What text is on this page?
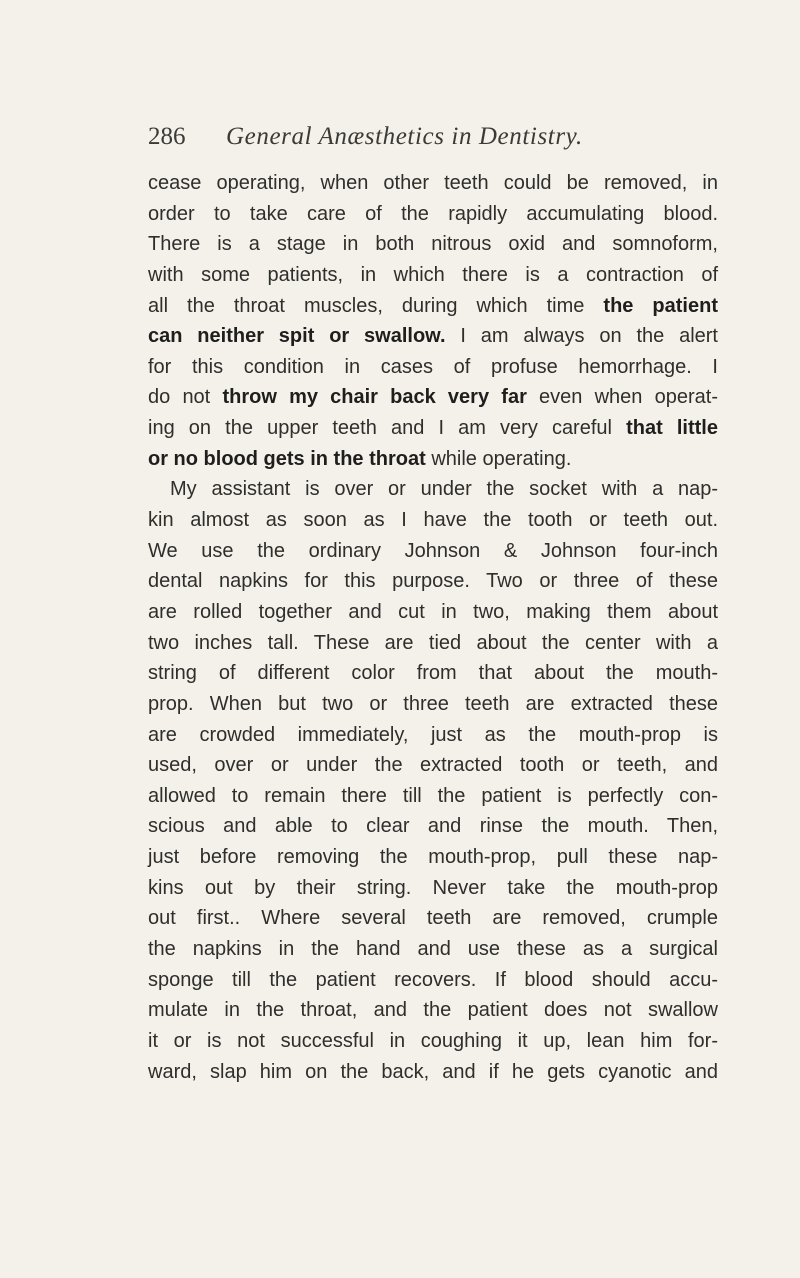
286 General Anæsthetics in Dentistry.
cease operating, when other teeth could be removed, in
order to take care of the rapidly accumulating blood.
There is a stage in both nitrous oxid and somnoform,
with some patients, in which there is a contraction of
all the throat muscles, during which time the patient
can neither spit or swallow. I am always on the alert
for this condition in cases of profuse hemorrhage. I
do not throw my chair back very far even when operat-
ing on the upper teeth and I am very careful that little
or no blood gets in the throat while operating.
My assistant is over or under the socket with a nap-
kin almost as soon as I have the tooth or teeth out.
We use the ordinary Johnson & Johnson four-inch
dental napkins for this purpose. Two or three of these
are rolled together and cut in two, making them about
two inches tall. These are tied about the center with a
string of different color from that about the mouth-
prop. When but two or three teeth are extracted these
are crowded immediately, just as the mouth-prop is
used, over or under the extracted tooth or teeth, and
allowed to remain there till the patient is perfectly con-
scious and able to clear and rinse the mouth. Then,
just before removing the mouth-prop, pull these nap-
kins out by their string. Never take the mouth-prop
out first.. Where several teeth are removed, crumple
the napkins in the hand and use these as a surgical
sponge till the patient recovers. If blood should accu-
mulate in the throat, and the patient does not swallow
it or is not successful in coughing it up, lean him for-
ward, slap him on the back, and if he gets cyanotic and
